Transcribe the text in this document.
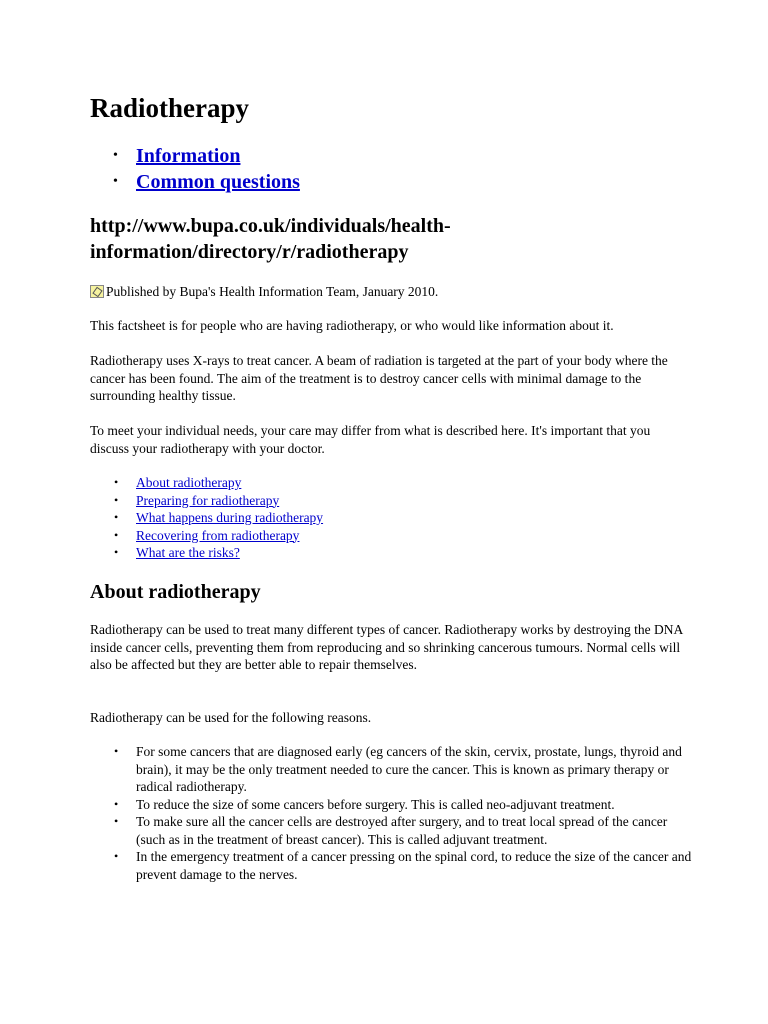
Radiotherapy
• Information
• Common questions
http://www.bupa.co.uk/individuals/health-information/directory/r/radiotherapy

Published by Bupa's Health Information Team, January 2010.

This factsheet is for people who are having radiotherapy, or who would like information about it.

Radiotherapy uses X-rays to treat cancer. A beam of radiation is targeted at the part of your body where the cancer has been found. The aim of the treatment is to destroy cancer cells with minimal damage to the surrounding healthy tissue.

To meet your individual needs, your care may differ from what is described here. It's important that you discuss your radiotherapy with your doctor.

• About radiotherapy
• Preparing for radiotherapy
• What happens during radiotherapy
• Recovering from radiotherapy
• What are the risks?
About radiotherapy

Radiotherapy can be used to treat many different types of cancer. Radiotherapy works by destroying the DNA inside cancer cells, preventing them from reproducing and so shrinking cancerous tumours. Normal cells will also be affected but they are better able to repair themselves.

Radiotherapy can be used for the following reasons.

• For some cancers that are diagnosed early (eg cancers of the skin, cervix, prostate, lungs, thyroid and brain), it may be the only treatment needed to cure the cancer. This is known as primary therapy or radical radiotherapy.
• To reduce the size of some cancers before surgery. This is called neo-adjuvant treatment.
• To make sure all the cancer cells are destroyed after surgery, and to treat local spread of the cancer (such as in the treatment of breast cancer). This is called adjuvant treatment.
• In the emergency treatment of a cancer pressing on the spinal cord, to reduce the size of the cancer and prevent damage to the nerves.
